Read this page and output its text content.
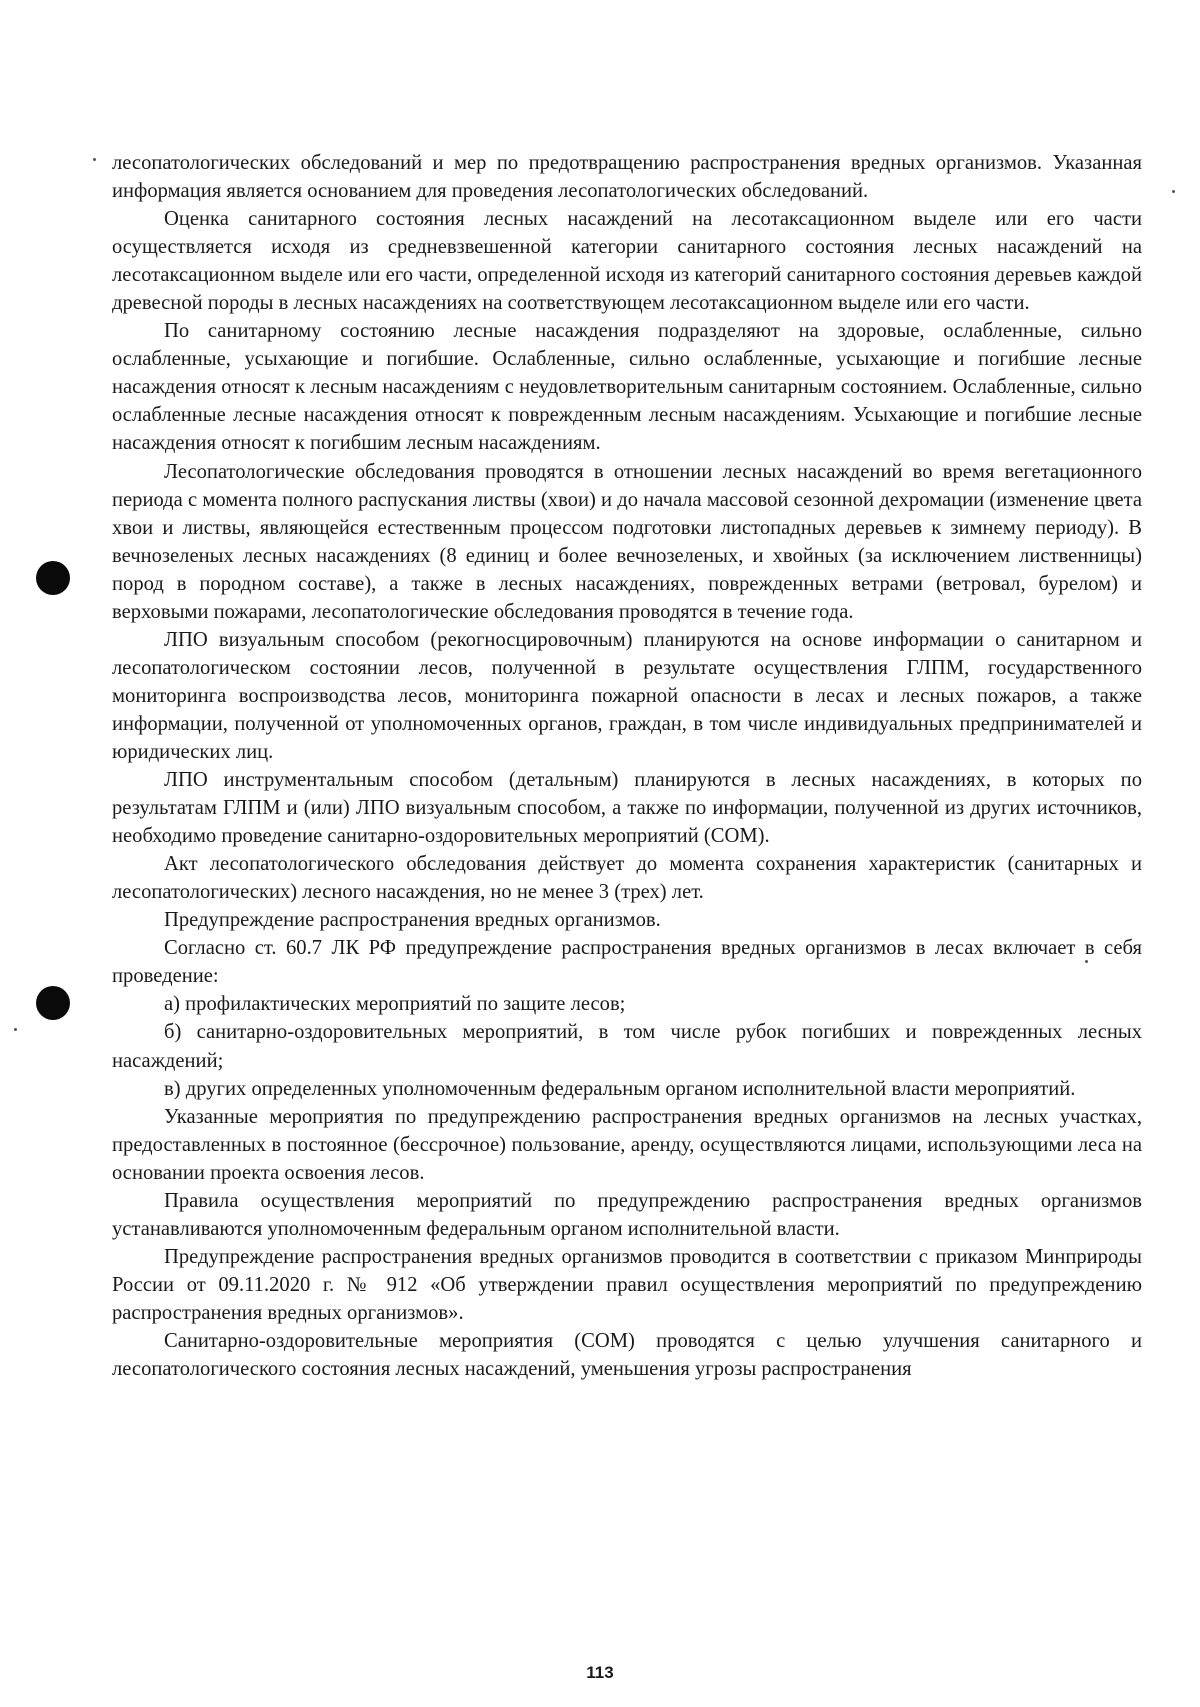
лесопатологических обследований и мер по предотвращению распространения вредных организмов. Указанная информация является основанием для проведения лесопатологических обследований.

Оценка санитарного состояния лесных насаждений на лесотаксационном выделе или его части осуществляется исходя из средневзвешенной категории санитарного состояния лесных насаждений на лесотаксационном выделе или его части, определенной исходя из категорий санитарного состояния деревьев каждой древесной породы в лесных насаждениях на соответствующем лесотаксационном выделе или его части.

По санитарному состоянию лесные насаждения подразделяют на здоровые, ослабленные, сильно ослабленные, усыхающие и погибшие. Ослабленные, сильно ослабленные, усыхающие и погибшие лесные насаждения относят к лесным насаждениям с неудовлетворительным санитарным состоянием. Ослабленные, сильно ослабленные лесные насаждения относят к поврежденным лесным насаждениям. Усыхающие и погибшие лесные насаждения относят к погибшим лесным насаждениям.

Лесопатологические обследования проводятся в отношении лесных насаждений во время вегетационного периода с момента полного распускания листвы (хвои) и до начала массовой сезонной дехромации (изменение цвета хвои и листвы, являющейся естественным процессом подготовки листопадных деревьев к зимнему периоду). В вечнозеленых лесных насаждениях (8 единиц и более вечнозеленых, и хвойных (за исключением лиственницы) пород в породном составе), а также в лесных насаждениях, поврежденных ветрами (ветровал, бурелом) и верховыми пожарами, лесопатологические обследования проводятся в течение года.

ЛПО визуальным способом (рекогносцировочным) планируются на основе информации о санитарном и лесопатологическом состоянии лесов, полученной в результате осуществления ГЛПМ, государственного мониторинга воспроизводства лесов, мониторинга пожарной опасности в лесах и лесных пожаров, а также информации, полученной от уполномоченных органов, граждан, в том числе индивидуальных предпринимателей и юридических лиц.

ЛПО инструментальным способом (детальным) планируются в лесных насаждениях, в которых по результатам ГЛПМ и (или) ЛПО визуальным способом, а также по информации, полученной из других источников, необходимо проведение санитарно-оздоровительных мероприятий (СОМ).

Акт лесопатологического обследования действует до момента сохранения характеристик (санитарных и лесопатологических) лесного насаждения, но не менее 3 (трех) лет.

Предупреждение распространения вредных организмов.

Согласно ст. 60.7 ЛК РФ предупреждение распространения вредных организмов в лесах включает в себя проведение:

а) профилактических мероприятий по защите лесов;

б) санитарно-оздоровительных мероприятий, в том числе рубок погибших и поврежденных лесных насаждений;

в) других определенных уполномоченным федеральным органом исполнительной власти мероприятий.

Указанные мероприятия по предупреждению распространения вредных организмов на лесных участках, предоставленных в постоянное (бессрочное) пользование, аренду, осуществляются лицами, использующими леса на основании проекта освоения лесов.

Правила осуществления мероприятий по предупреждению распространения вредных организмов устанавливаются уполномоченным федеральным органом исполнительной власти.

Предупреждение распространения вредных организмов проводится в соответствии с приказом Минприроды России от 09.11.2020 г. № 912 «Об утверждении правил осуществления мероприятий по предупреждению распространения вредных организмов».

Санитарно-оздоровительные мероприятия (СОМ) проводятся с целью улучшения санитарного и лесопатологического состояния лесных насаждений, уменьшения угрозы распространения

113
